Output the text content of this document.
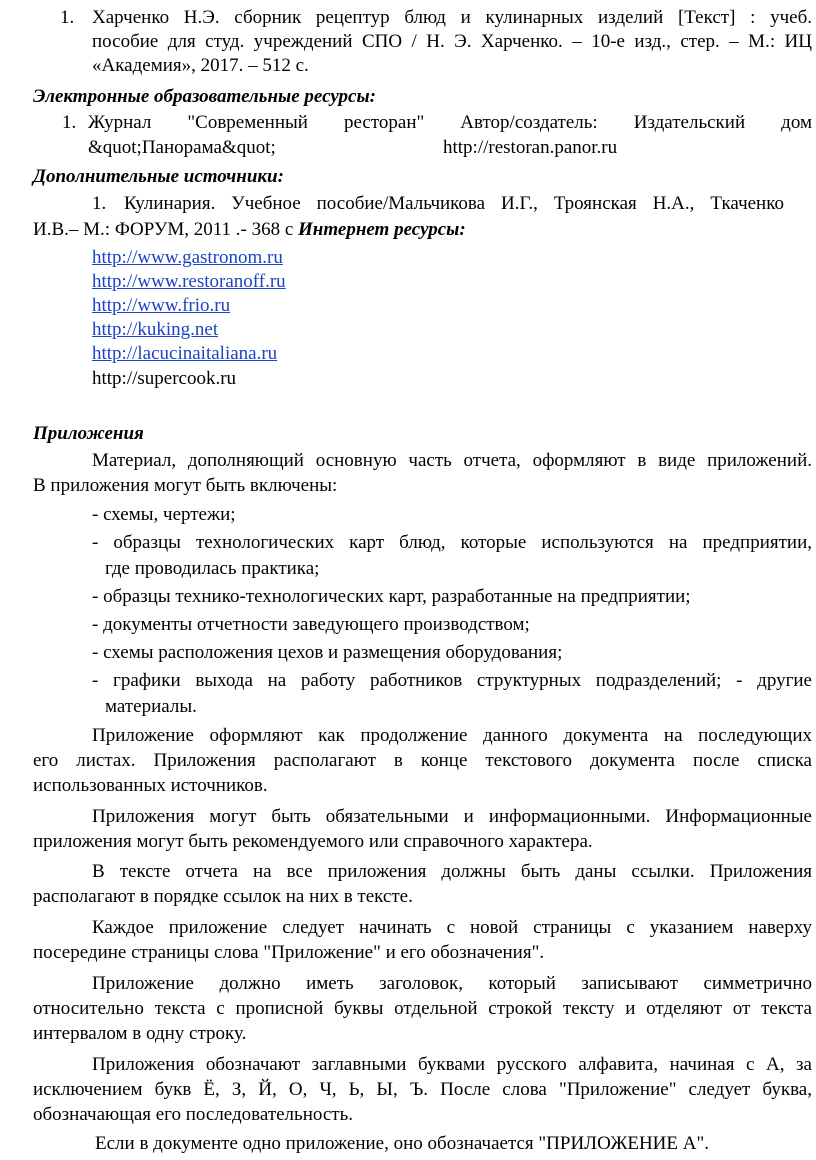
1. Харченко Н.Э. сборник рецептур блюд и кулинарных изделий [Текст] : учеб.
пособие для студ. учреждений СПО / Н. Э. Харченко. – 10-е изд., стер. – М.: ИЦ
«Академия», 2017. – 512 с.
Электронные образовательные ресурсы:
1. Журнал "Современный ресторан" Автор/создатель: Издательский дом
&quot;Панорама&quot;	http://restoran.panor.ru
Дополнительные источники:
1. Кулинария. Учебное пособие/Мальчикова И.Г., Троянская Н.А., Ткаченко
И.В.– М.: ФОРУМ, 2011 .- 368 с Интернет ресурсы:
http://www.gastronom.ru
http://www.restoranoff.ru
http://www.frio.ru
http://kuking.net
http://lacucinaitaliana.ru
http://supercook.ru
Приложения
Материал, дополняющий основную часть отчета, оформляют в виде приложений.
В приложения могут быть включены:
- схемы, чертежи;
- образцы технологических карт блюд, которые используются на предприятии,
где проводилась практика;
- образцы технико-технологических карт, разработанные на предприятии;
- документы отчетности заведующего производством;
- схемы расположения цехов и размещения оборудования;
- графики выхода на работу работников структурных подразделений; - другие
материалы.
Приложение оформляют как продолжение данного документа на последующих
его листах. Приложения располагают в конце текстового документа после списка
использованных источников.
Приложения могут быть обязательными и информационными. Информационные
приложения могут быть рекомендуемого или справочного характера.
В тексте отчета на все приложения должны быть даны ссылки. Приложения
располагают в порядке ссылок на них в тексте.
Каждое приложение следует начинать с новой страницы с указанием наверху
посередине страницы слова "Приложение" и его обозначения".
Приложение должно иметь заголовок, который записывают симметрично
относительно текста с прописной буквы отдельной строкой тексту и отделяют от текста
интервалом в одну строку.
Приложения обозначают заглавными буквами русского алфавита, начиная с А, за
исключением букв Ё, З, Й, О, Ч, Ь, Ы, Ъ. После слова "Приложение" следует буква,
обозначающая его последовательность.
Если в документе одно приложение, оно обозначается "ПРИЛОЖЕНИЕ А".
